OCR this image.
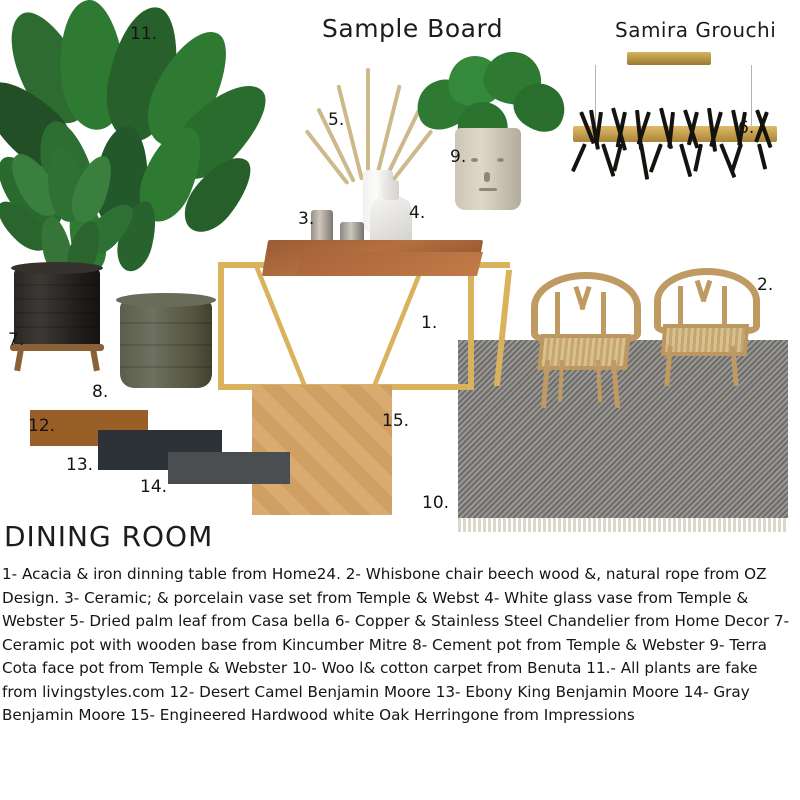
Sample Board	Samira Grouchi
DINING ROOM
11.
5.
9.
6.
3.	4.
2.
1.
7.
8.
15.
12.
13.
14.
10.
1- Acacia & iron dinning table from Home24. 2- Whisbone chair beech wood &, natural rope from OZ Design. 3- Ceramic; & porcelain vase set from Temple & Webst 4- White glass vase from Temple & Webster 5- Dried palm leaf from Casa bella 6- Copper & Stainless Steel Chandelier from Home Decor 7- Ceramic pot with wooden base from Kincumber Mitre 8- Cement pot from Temple & Webster 9- Terra Cota face pot from Temple & Webster 10- Woo l& cotton carpet from Benuta 11.- All plants are fake from livingstyles.com 12- Desert Camel Benjamin Moore 13- Ebony King Benjamin Moore 14- Gray Benjamin Moore 15- Engineered Hardwood white Oak Herringone from Impressions
